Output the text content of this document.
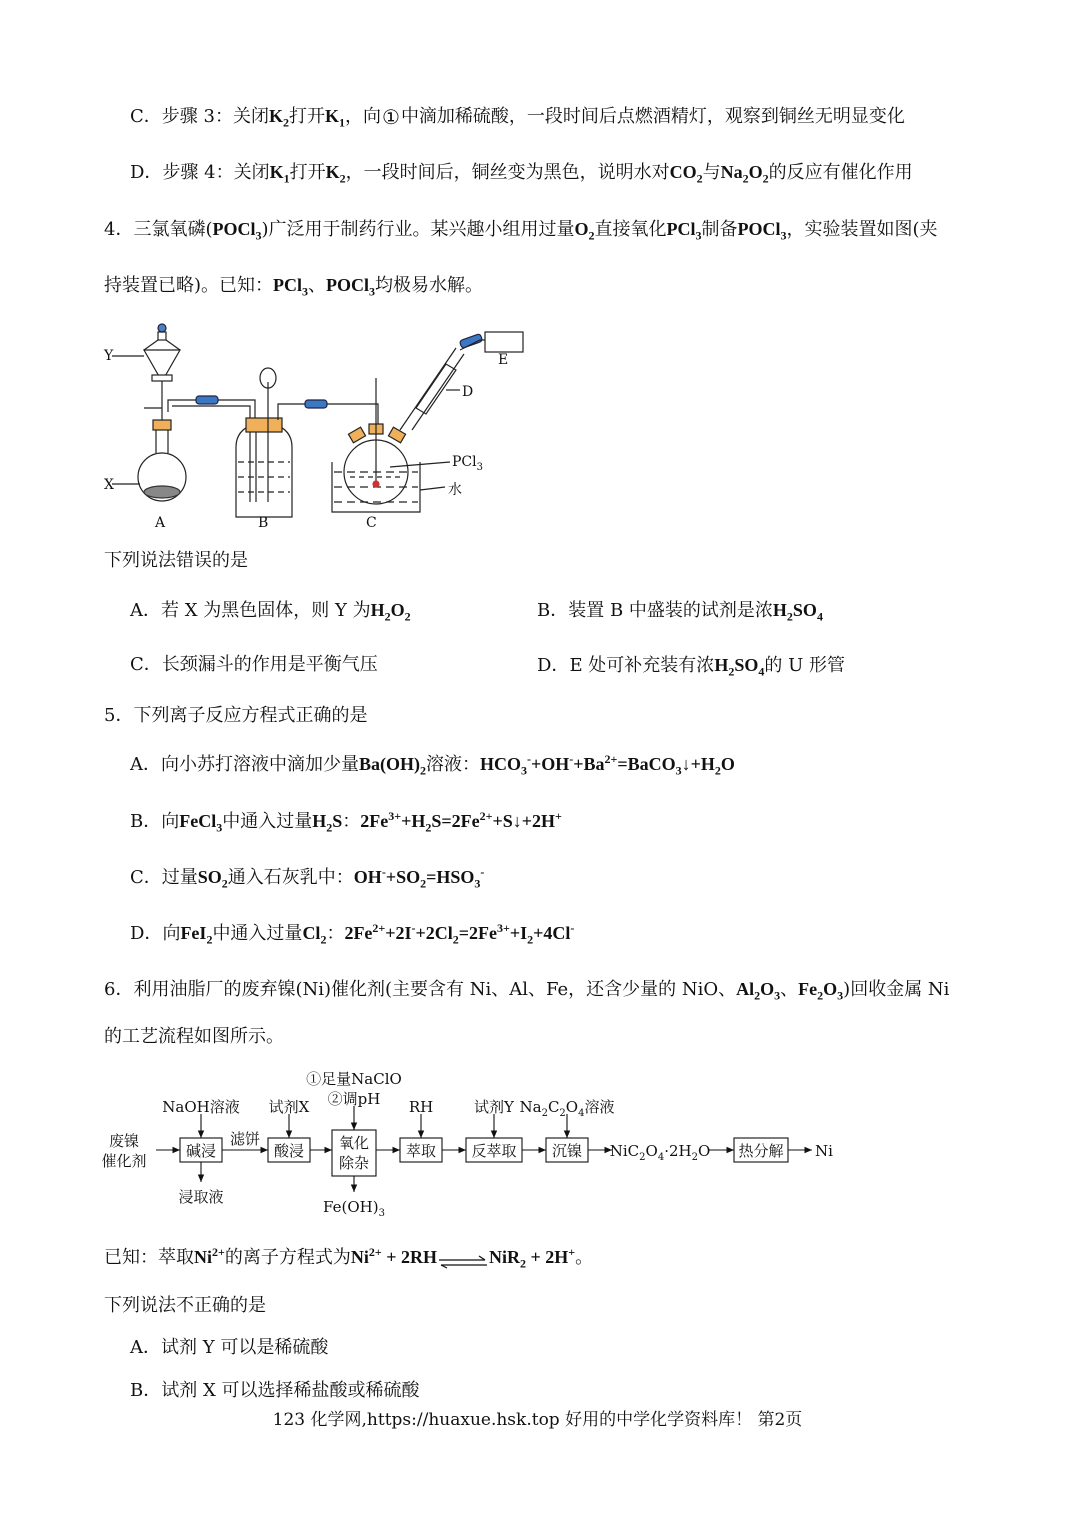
C．步骤 3：关闭$K_2$打开$K_1$，向①中滴加稀硫酸，一段时间后点燃酒精灯，观察到铜丝无明显变化
D．步骤 4：关闭$K_1$打开$K_2$，一段时间后，铜丝变为黑色，说明水对$CO_2$与$Na_2O_2$的反应有催化作用
4．三氯氧磷(POCl$_3$)广泛用于制药行业。某兴趣小组用过量$O_2$直接氧化PCl$_3$制备POCl$_3$，实验装置如图(夹
持装置已略)。已知：PCl$_3$、POCl$_3$均极易水解。
Y
X
A	B	C
D
E
PCl$_3$
水
下列说法错误的是
A．若 X 为黑色固体，则 Y 为$H_2O_2$	B．装置 B 中盛装的试剂是浓$H_2SO_4$
C．长颈漏斗的作用是平衡气压	D．E 处可补充装有浓$H_2SO_4$的 U 形管
5．下列离子反应方程式正确的是
A．向小苏打溶液中滴加少量$Ba(OH)_2$溶液：$HCO_3^-+OH^-+Ba^{2+}=BaCO_3↓+H_2O$
B．向FeCl$_3$中通入过量$H_2S$：$2Fe^{3+}+H_2S=2Fe^{2+}+S↓+2H^+$
C．过量$SO_2$通入石灰乳中：$OH^-+SO_2=HSO_3^-$
D．向FeI$_2$中通入过量$Cl_2$：$2Fe^{2+}+2I^-+2Cl_2=2Fe^{3+}+I_2+4Cl^-$
6．利用油脂厂的废弃镍(Ni)催化剂(主要含有 Ni、Al、Fe，还含少量的 NiO、$Al_2O_3$、$Fe_2O_3$)回收金属 Ni
的工艺流程如图所示。
废镍
催化剂
NaOH溶液
碱浸
滤饼
浸取液
试剂X
酸浸
①足量NaClO
②调pH
氧化
除杂
$Fe(OH)_3$
RH
萃取
试剂Y
反萃取
$Na_2C_2O_4$溶液
沉镍 $NiC_2O_4\cdot 2H_2O$ 热分解 Ni
已知：萃取$Ni^{2+}$的离子方程式为$Ni^{2+}$ + 2RH⇌NiR$_2$ + 2H+。
下列说法不正确的是
A．试剂 Y 可以是稀硫酸
B．试剂 X 可以选择稀盐酸或稀硫酸
123 化学网,https://huaxue.hsk.top 好用的中学化学资料库！ 第2页
